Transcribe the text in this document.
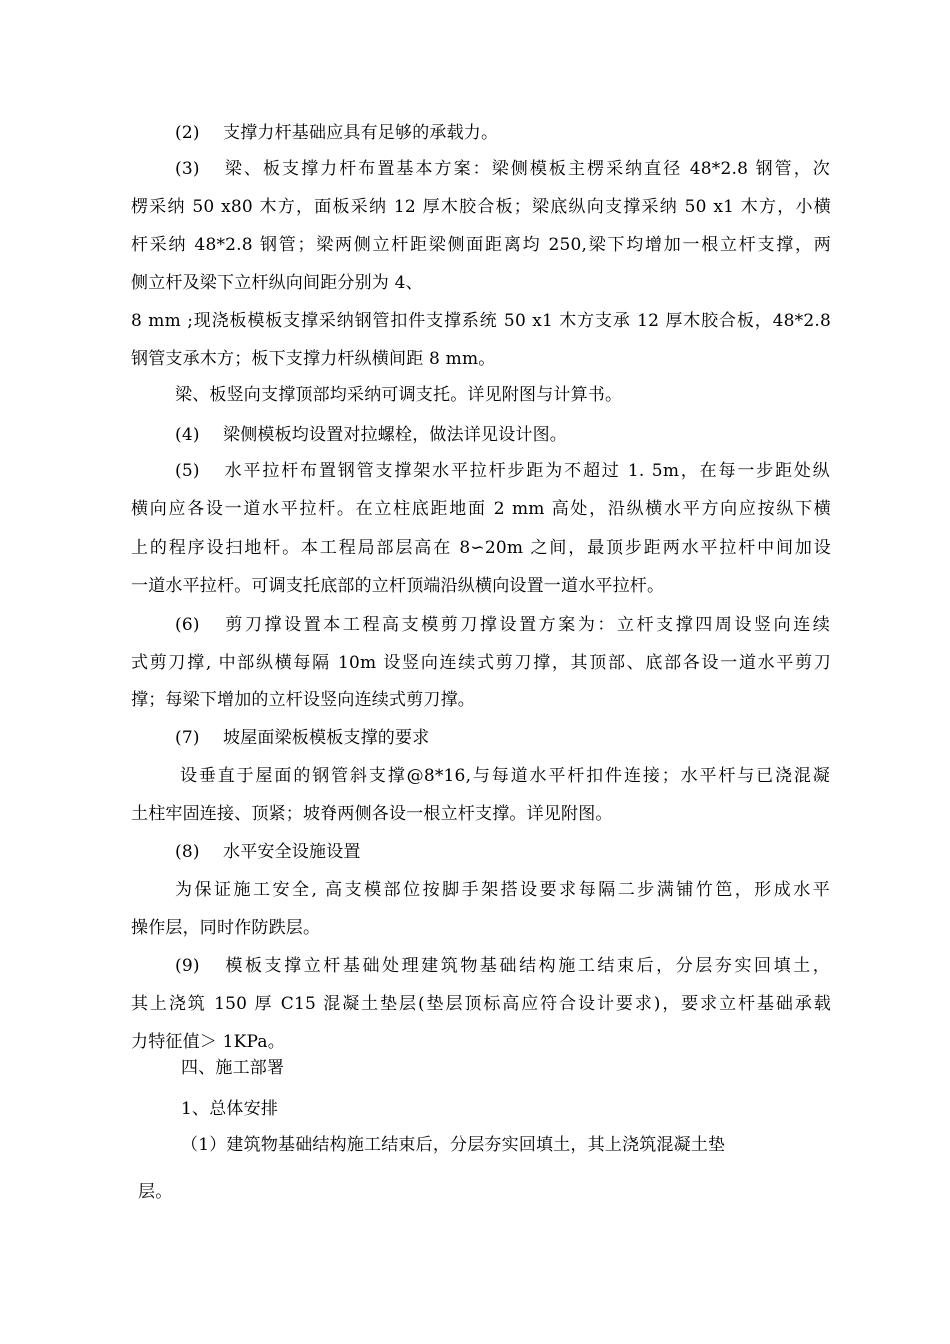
(2) 支撑力杆基础应具有足够的承载力。

(3) 梁、板支撑力杆布置基本方案：梁侧模板主楞采纳直径 48*2.8 钢管，次

楞采纳 50 x80 木方，面板采纳 12 厚木胶合板；梁底纵向支撑采纳 50 x1 木方，小横

杆采纳 48*2.8 钢管；梁两侧立杆距梁侧面距离均 250,梁下均增加一根立杆支撑，两

侧立杆及梁下立杆纵向间距分别为 4、

8 mm ;现浇板模板支撑采纳钢管扣件支撑系统 50 x1 木方支承 12 厚木胶合板，48*2.8

钢管支承木方；板下支撑力杆纵横间距 8 mm。

梁、板竖向支撑顶部均采纳可调支托。详见附图与计算书。

(4) 梁侧模板均设置对拉螺栓，做法详见设计图。

(5) 水平拉杆布置钢管支撑架水平拉杆步距为不超过 1. 5m，在每一步距处纵

横向应各设一道水平拉杆。在立柱底距地面 2 mm 高处，沿纵横水平方向应按纵下横

上的程序设扫地杆。本工程局部层高在 8∽20m 之间，最顶步距两水平拉杆中间加设

一道水平拉杆。可调支托底部的立杆顶端沿纵横向设置一道水平拉杆。

(6) 剪刀撑设置本工程高支模剪刀撑设置方案为：立杆支撑四周设竖向连续

式剪刀撑, 中部纵横每隔 10m 设竖向连续式剪刀撑，其顶部、底部各设一道水平剪刀

撑；每梁下增加的立杆设竖向连续式剪刀撑。

(7) 坡屋面梁板模板支撑的要求

设垂直于屋面的钢管斜支撑@8*16,与每道水平杆扣件连接；水平杆与已浇混凝

土柱牢固连接、顶紧；坡脊两侧各设一根立杆支撑。详见附图。

(8) 水平安全设施设置

为保证施工安全, 高支模部位按脚手架搭设要求每隔二步满铺竹笆，形成水平

操作层，同时作防跌层。

(9) 模板支撑立杆基础处理建筑物基础结构施工结束后，分层夯实回填土，

其上浇筑 150 厚 C15 混凝土垫层(垫层顶标高应符合设计要求)，要求立杆基础承载

力特征值＞ 1KPa。

四、施工部署

1、总体安排

（1）建筑物基础结构施工结束后，分层夯实回填土，其上浇筑混凝土垫

层。
